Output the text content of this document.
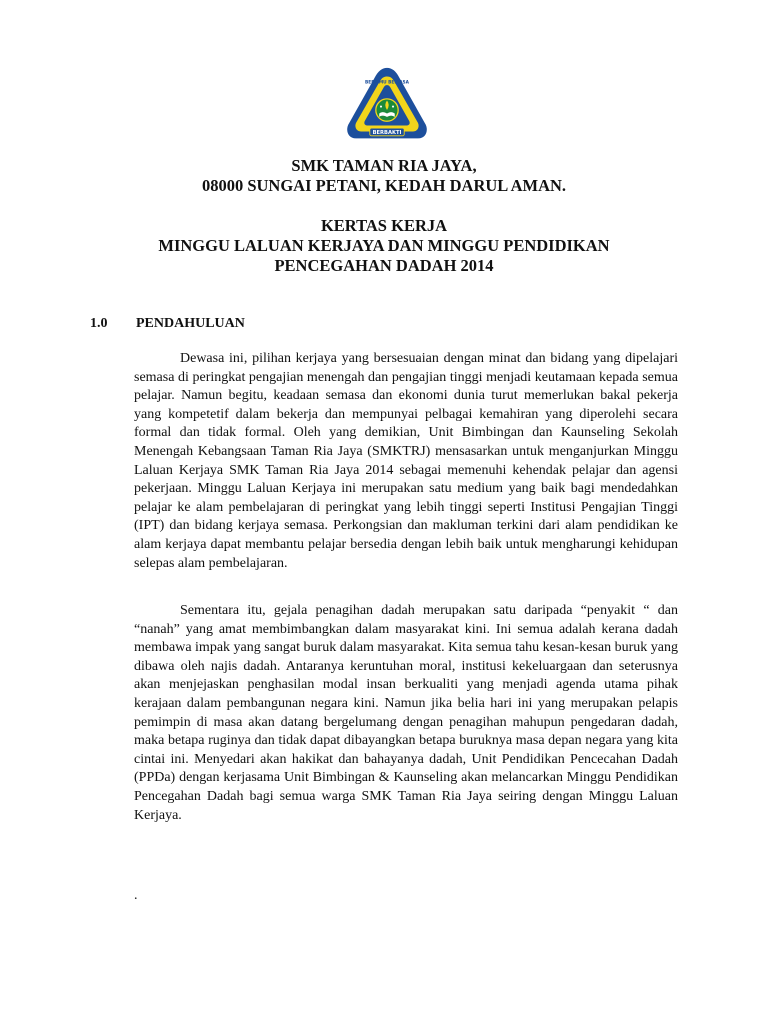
BERBAKTI
BERILMU BERJASA
SMK TAMAN RIA JAYA,
08000 SUNGAI PETANI, KEDAH DARUL AMAN.
KERTAS KERJA
MINGGU LALUAN KERJAYA DAN MINGGU PENDIDIKAN
PENCEGAHAN DADAH 2014
1.0 PENDAHULUAN

Dewasa ini, pilihan kerjaya yang bersesuaian dengan minat dan bidang yang dipelajari semasa di peringkat pengajian menengah dan pengajian tinggi menjadi keutamaan kepada semua pelajar. Namun begitu, keadaan semasa dan ekonomi dunia turut memerlukan bakal pekerja yang kompetetif dalam bekerja dan mempunyai pelbagai kemahiran yang diperolehi secara formal dan tidak formal. Oleh yang demikian, Unit Bimbingan dan Kaunseling Sekolah Menengah Kebangsaan Taman Ria Jaya (SMKTRJ) mensasarkan untuk menganjurkan Minggu Laluan Kerjaya SMK Taman Ria Jaya 2014 sebagai memenuhi kehendak pelajar dan agensi pekerjaan. Minggu Laluan Kerjaya ini merupakan satu medium yang baik bagi mendedahkan pelajar ke alam pembelajaran di peringkat yang lebih tinggi seperti Institusi Pengajian Tinggi (IPT) dan bidang kerjaya semasa. Perkongsian dan makluman terkini dari alam pendidikan ke alam kerjaya dapat membantu pelajar bersedia dengan lebih baik untuk mengharungi kehidupan selepas alam pembelajaran.

Sementara itu, gejala penagihan dadah merupakan satu daripada “penyakit “ dan “nanah” yang amat membimbangkan dalam masyarakat kini. Ini semua adalah kerana dadah membawa impak yang sangat buruk dalam masyarakat. Kita semua tahu kesan-kesan buruk yang dibawa oleh najis dadah. Antaranya keruntuhan moral, institusi kekeluargaan dan seterusnya akan menjejaskan penghasilan modal insan berkualiti yang menjadi agenda utama pihak kerajaan dalam pembangunan negara kini. Namun jika belia hari ini yang merupakan pelapis pemimpin di masa akan datang bergelumang dengan penagihan mahupun pengedaran dadah, maka betapa ruginya dan tidak dapat dibayangkan betapa buruknya masa depan negara yang kita cintai ini. Menyedari akan hakikat dan bahayanya dadah, Unit Pendidikan Pencecahan Dadah (PPDa) dengan kerjasama Unit Bimbingan & Kaunseling akan melancarkan Minggu Pendidikan Pencegahan Dadah bagi semua warga SMK Taman Ria Jaya seiring dengan Minggu Laluan Kerjaya.

.
